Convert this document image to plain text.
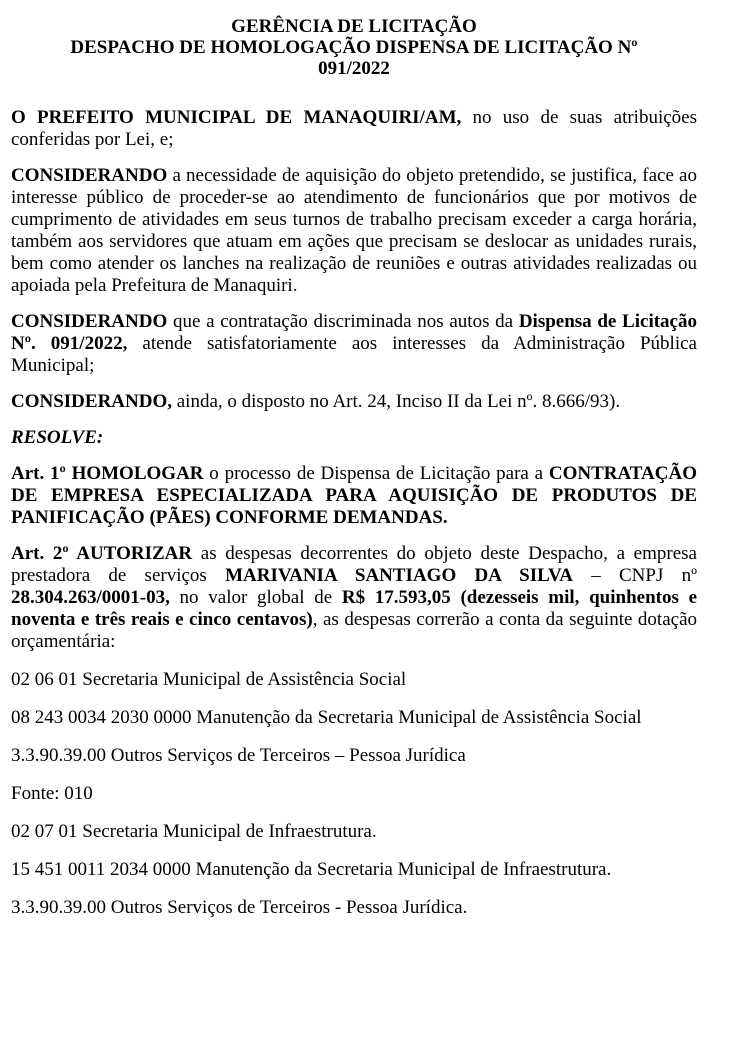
GERÊNCIA DE LICITAÇÃO
DESPACHO DE HOMOLOGAÇÃO DISPENSA DE LICITAÇÃO Nº
091/2022

O PREFEITO MUNICIPAL DE MANAQUIRI/AM, no uso de suas atribuições conferidas por Lei, e;

CONSIDERANDO a necessidade de aquisição do objeto pretendido, se justifica, face ao interesse público de proceder-se ao atendimento de funcionários que por motivos de cumprimento de atividades em seus turnos de trabalho precisam exceder a carga horária, também aos servidores que atuam em ações que precisam se deslocar as unidades rurais, bem como atender os lanches na realização de reuniões e outras atividades realizadas ou apoiada pela Prefeitura de Manaquiri.

CONSIDERANDO que a contratação discriminada nos autos da Dispensa de Licitação Nº. 091/2022, atende satisfatoriamente aos interesses da Administração Pública Municipal;

CONSIDERANDO, ainda, o disposto no Art. 24, Inciso II da Lei nº. 8.666/93).

RESOLVE:

Art. 1º HOMOLOGAR o processo de Dispensa de Licitação para a CONTRATAÇÃO DE EMPRESA ESPECIALIZADA PARA AQUISIÇÃO DE PRODUTOS DE PANIFICAÇÃO (PÃES) CONFORME DEMANDAS.

Art. 2º AUTORIZAR as despesas decorrentes do objeto deste Despacho, a empresa prestadora de serviços MARIVANIA SANTIAGO DA SILVA – CNPJ nº 28.304.263/0001-03, no valor global de R$ 17.593,05 (dezesseis mil, quinhentos e noventa e três reais e cinco centavos), as despesas correrão a conta da seguinte dotação orçamentária:

02 06 01 Secretaria Municipal de Assistência Social

08 243 0034 2030 0000 Manutenção da Secretaria Municipal de Assistência Social

3.3.90.39.00 Outros Serviços de Terceiros – Pessoa Jurídica

Fonte: 010

02 07 01 Secretaria Municipal de Infraestrutura.

15 451 0011 2034 0000 Manutenção da Secretaria Municipal de Infraestrutura.

3.3.90.39.00 Outros Serviços de Terceiros - Pessoa Jurídica.
